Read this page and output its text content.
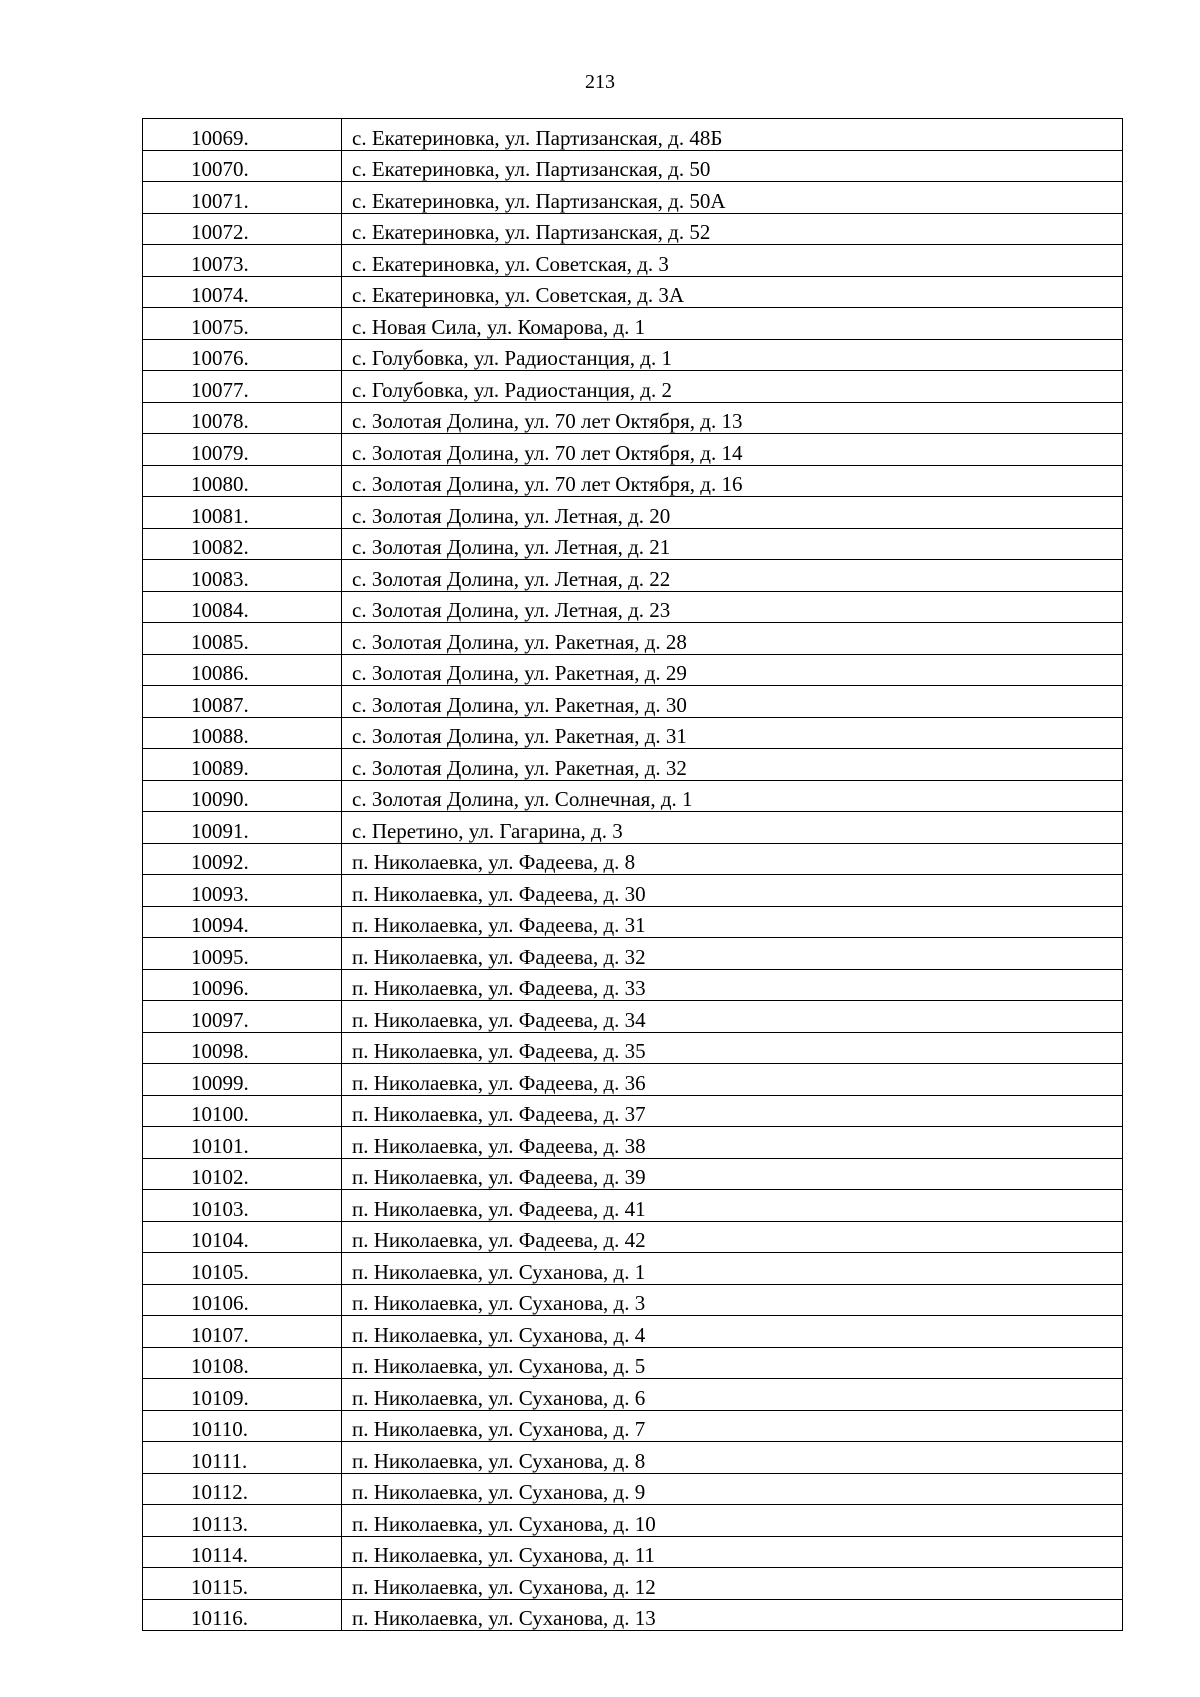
213
10069.	с. Екатериновка, ул. Партизанская, д. 48Б
10070.	с. Екатериновка, ул. Партизанская, д. 50
10071.	с. Екатериновка, ул. Партизанская, д. 50А
10072.	с. Екатериновка, ул. Партизанская, д. 52
10073.	с. Екатериновка, ул. Советская, д. 3
10074.	с. Екатериновка, ул. Советская, д. 3А
10075.	с. Новая Сила, ул. Комарова, д. 1
10076.	с. Голубовка, ул. Радиостанция, д. 1
10077.	с. Голубовка, ул. Радиостанция, д. 2
10078.	с. Золотая Долина, ул. 70 лет Октября, д. 13
10079.	с. Золотая Долина, ул. 70 лет Октября, д. 14
10080.	с. Золотая Долина, ул. 70 лет Октября, д. 16
10081.	с. Золотая Долина, ул. Летная, д. 20
10082.	с. Золотая Долина, ул. Летная, д. 21
10083.	с. Золотая Долина, ул. Летная, д. 22
10084.	с. Золотая Долина, ул. Летная, д. 23
10085.	с. Золотая Долина, ул. Ракетная, д. 28
10086.	с. Золотая Долина, ул. Ракетная, д. 29
10087.	с. Золотая Долина, ул. Ракетная, д. 30
10088.	с. Золотая Долина, ул. Ракетная, д. 31
10089.	с. Золотая Долина, ул. Ракетная, д. 32
10090.	с. Золотая Долина, ул. Солнечная, д. 1
10091.	с. Перетино, ул. Гагарина, д. 3
10092.	п. Николаевка, ул. Фадеева, д. 8
10093.	п. Николаевка, ул. Фадеева, д. 30
10094.	п. Николаевка, ул. Фадеева, д. 31
10095.	п. Николаевка, ул. Фадеева, д. 32
10096.	п. Николаевка, ул. Фадеева, д. 33
10097.	п. Николаевка, ул. Фадеева, д. 34
10098.	п. Николаевка, ул. Фадеева, д. 35
10099.	п. Николаевка, ул. Фадеева, д. 36
10100.	п. Николаевка, ул. Фадеева, д. 37
10101.	п. Николаевка, ул. Фадеева, д. 38
10102.	п. Николаевка, ул. Фадеева, д. 39
10103.	п. Николаевка, ул. Фадеева, д. 41
10104.	п. Николаевка, ул. Фадеева, д. 42
10105.	п. Николаевка, ул. Суханова, д. 1
10106.	п. Николаевка, ул. Суханова, д. 3
10107.	п. Николаевка, ул. Суханова, д. 4
10108.	п. Николаевка, ул. Суханова, д. 5
10109.	п. Николаевка, ул. Суханова, д. 6
10110.	п. Николаевка, ул. Суханова, д. 7
10111.	п. Николаевка, ул. Суханова, д. 8
10112.	п. Николаевка, ул. Суханова, д. 9
10113.	п. Николаевка, ул. Суханова, д. 10
10114.	п. Николаевка, ул. Суханова, д. 11
10115.	п. Николаевка, ул. Суханова, д. 12
10116.	п. Николаевка, ул. Суханова, д. 13
